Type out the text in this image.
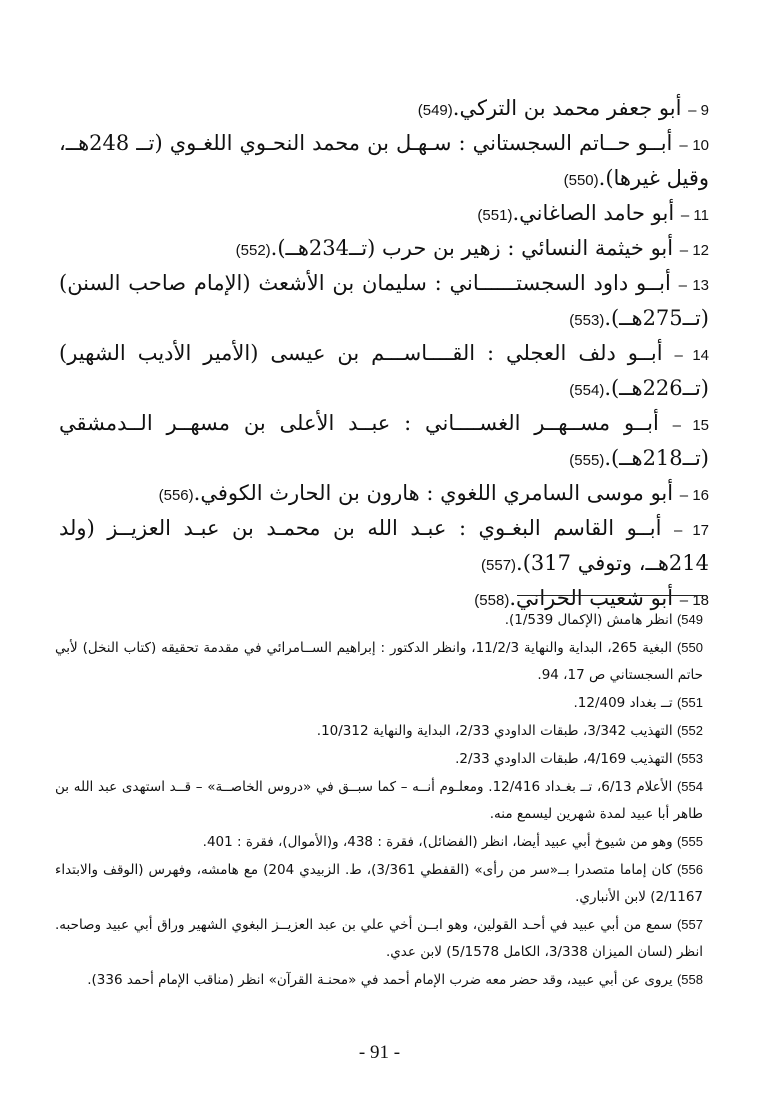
9 – أبو جعفر محمد بن التركي.(549)

10 – أبــو حــاتم السجستاني : سـهـل بن محمد النحـوي اللغـوي (تــ 248هــ، وقيل غيرها).(550)

11 – أبو حامد الصاغاني.(551)

12 – أبو خيثمة النسائي : زهير بن حرب (تــ234هــ).(552)

13 – أبــو داود السجستــــــاني : سليمان بن الأشعث (الإمام صاحب السنن) (تــ275هــ).(553)

14 – أبــو دلف العجلي : القــــاســـم بن عيسى (الأمير الأديب الشهير) (تــ226هــ).(554)

15 – أبــو مســهــر الغســــاني : عبــد الأعلى بن مسهــر الــدمشقي (تــ218هــ).(555)

16 – أبو موسى السامري اللغوي : هارون بن الحارث الكوفي.(556)

17 – أبــو القاسم البغـوي : عبـد الله بن محمـد بن عبـد العزيــز (ولد 214هــ، وتوفي 317).(557)

18 – أبو شعيب الحراني.(558)

549) انظر هامش (الإكمال 1/539).

550) البغية 265، البداية والنهاية 11/2/3، وانظر الدكتور : إبراهيم الســامرائي في مقدمة تحقيقه (كتاب النخل) لأبي حاتم السجستاني ص 17، 94.

551) تــ بغداد 12/409.

552) التهذيب 3/342، طبقات الداودي 2/33، البداية والنهاية 10/312.

553) التهذيب 4/169، طبقات الداودي 2/33.

554) الأعلام 6/13، تــ بغـداد 12/416. ومعلـوم أنــه – كما سبــق في «دروس الخاصــة» – قــد استهدى عبد الله بن طاهر أبا عبيد لمدة شهرين ليسمع منه.

555) وهو من شيوخ أبي عبيد أيضا، انظر (الفضائل)، فقرة : 438، و(الأموال)، فقرة : 401.

556) كان إماما متصدرا بــ«سر من رأى» (القفطي 3/361)، ط. الزبيدي 204) مع هامشه، وفهرس (الوقف والابتداء 2/1167) لابن الأنباري.

557) سمع من أبي عبيد في أحـد القولين، وهو ابــن أخي علي بن عبد العزيــز البغوي الشهير وراق أبي عبيد وصاحبه. انظر (لسان الميزان 3/338، الكامل 5/1578) لابن عدي.

558) يروى عن أبي عبيد، وقد حضر معه ضرب الإمام أحمد في «محنـة القرآن» انظر (مناقب الإمام أحمد 336).

- 91 -
